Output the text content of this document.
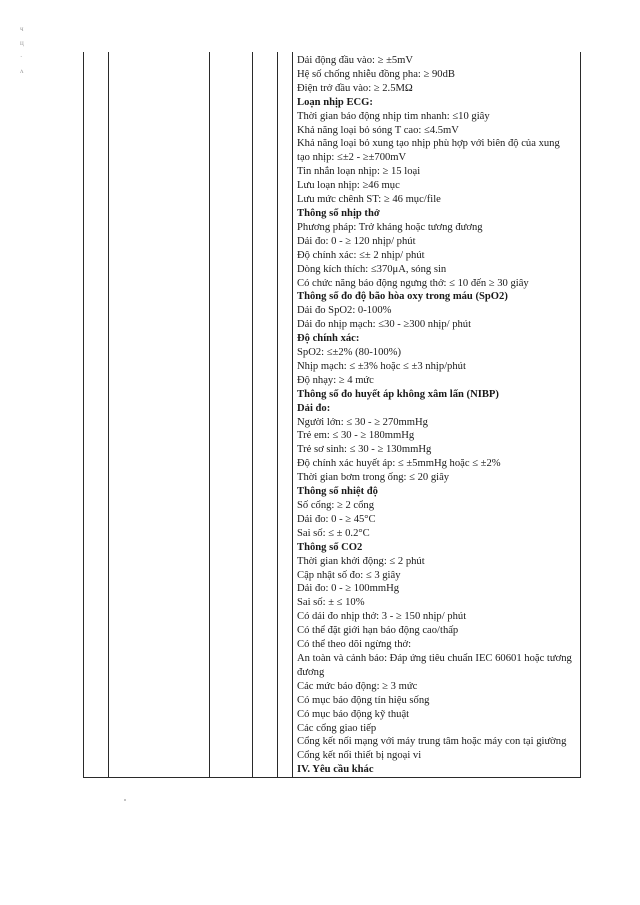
ч
ц
·
ʌ
Dải động đầu vào: ≥ ±5mV
Hệ số chống nhiễu đồng pha: ≥ 90dB
Điện trở đầu vào: ≥ 2.5MΩ
Loạn nhịp ECG:
Thời gian báo động nhịp tim nhanh: ≤10 giây
Khả năng loại bỏ sóng T cao: ≤4.5mV
Khả năng loại bỏ xung tạo nhịp phù hợp với biên độ của xung tạo nhịp: ≤±2 - ≥±700mV
Tin nhắn loạn nhịp: ≥ 15 loại
Lưu loạn nhịp: ≥46 mục
Lưu mức chênh ST: ≥ 46 mục/file
Thông số nhịp thở
Phương pháp: Trở kháng hoặc tương đương
Dải đo: 0 - ≥ 120 nhịp/ phút
Độ chính xác: ≤± 2 nhịp/ phút
Dòng kích thích: ≤370μA, sóng sin
Có chức năng báo động ngưng thở: ≤ 10 đến ≥ 30 giây
Thông số đo độ bão hòa oxy trong máu (SpO2)
Dải đo SpO2: 0-100%
Dải đo nhịp mạch: ≤30 - ≥300 nhịp/ phút
Độ chính xác:
SpO2: ≤±2% (80-100%)
Nhịp mạch: ≤ ±3% hoặc ≤ ±3 nhịp/phút
Độ nhạy: ≥ 4 mức
Thông số đo huyết áp không xâm lấn (NIBP)
Dải đo:
Người lớn: ≤ 30 - ≥ 270mmHg
Trẻ em: ≤ 30 - ≥ 180mmHg
Trẻ sơ sinh: ≤ 30 - ≥ 130mmHg
Độ chính xác huyết áp: ≤ ±5mmHg hoặc ≤ ±2%
Thời gian bơm trong ống: ≤ 20 giây
Thông số nhiệt độ
Số cổng: ≥ 2 cổng
Dải đo: 0 - ≥ 45°C
Sai số: ≤ ± 0.2°C
Thông số CO2
Thời gian khởi động: ≤ 2 phút
Cập nhật số đo: ≤ 3 giây
Dải đo: 0 - ≥ 100mmHg
Sai số: ± ≤ 10%
Có dải đo nhịp thở: 3 - ≥ 150 nhịp/ phút
Có thể đặt giới hạn báo động cao/thấp
Có thể theo dõi ngừng thở:
An toàn và cảnh báo: Đáp ứng tiêu chuẩn IEC 60601 hoặc tương đương
Các mức báo động: ≥ 3 mức
Có mục báo động tín hiệu sống
Có mục báo động kỹ thuật
Các cổng giao tiếp
Cổng kết nối mạng với máy trung tâm hoặc máy con tại giường
Cổng kết nối thiết bị ngoại vi
IV. Yêu cầu khác
